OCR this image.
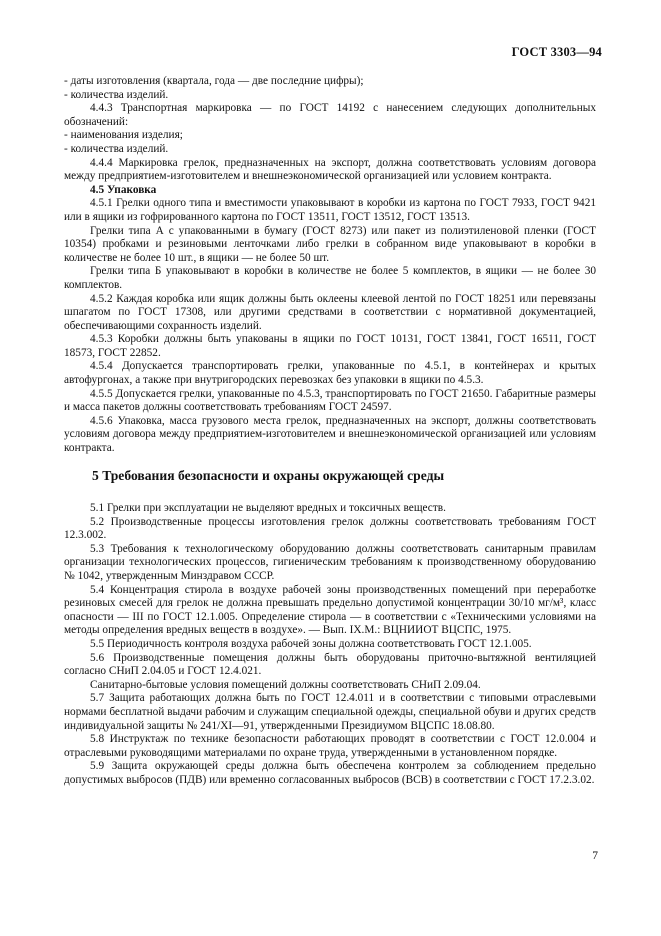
ГОСТ 3303—94

- даты изготовления (квартала, года — две последние цифры);

- количества изделий.

4.4.3 Транспортная маркировка — по ГОСТ 14192 с нанесением следующих дополнительных обозначений:

- наименования изделия;

- количества изделий.

4.4.4 Маркировка грелок, предназначенных на экспорт, должна соответствовать условиям договора между предприятием-изготовителем и внешнеэкономической организацией или условием контракта.

4.5 Упаковка

4.5.1 Грелки одного типа и вместимости упаковывают в коробки из картона по ГОСТ 7933, ГОСТ 9421 или в ящики из гофрированного картона по ГОСТ 13511, ГОСТ 13512, ГОСТ 13513.

Грелки типа А с упакованными в бумагу (ГОСТ 8273) или пакет из полиэтиленовой пленки (ГОСТ 10354) пробками и резиновыми ленточками либо грелки в собранном виде упаковывают в коробки в количестве не более 10 шт., в ящики — не более 50 шт.

Грелки типа Б упаковывают в коробки в количестве не более 5 комплектов, в ящики — не более 30 комплектов.

4.5.2 Каждая коробка или ящик должны быть оклеены клеевой лентой по ГОСТ 18251 или перевязаны шпагатом по ГОСТ 17308, или другими средствами в соответствии с нормативной документацией, обеспечивающими сохранность изделий.

4.5.3 Коробки должны быть упакованы в ящики по ГОСТ 10131, ГОСТ 13841, ГОСТ 16511, ГОСТ 18573, ГОСТ 22852.

4.5.4 Допускается транспортировать грелки, упакованные по 4.5.1, в контейнерах и крытых автофургонах, а также при внутригородских перевозках без упаковки в ящики по 4.5.3.

4.5.5 Допускается грелки, упакованные по 4.5.3, транспортировать по ГОСТ 21650. Габаритные размеры и масса пакетов должны соответствовать требованиям ГОСТ 24597.

4.5.6 Упаковка, масса грузового места грелок, предназначенных на экспорт, должны соответствовать условиям договора между предприятием-изготовителем и внешнеэкономической организацией или условиям контракта.

5 Требования безопасности и охраны окружающей среды

5.1 Грелки при эксплуатации не выделяют вредных и токсичных веществ.

5.2 Производственные процессы изготовления грелок должны соответствовать требованиям ГОСТ 12.3.002.

5.3 Требования к технологическому оборудованию должны соответствовать санитарным правилам организации технологических процессов, гигиеническим требованиям к производственному оборудованию № 1042, утвержденным Минздравом СССР.

5.4 Концентрация стирола в воздухе рабочей зоны производственных помещений при переработке резиновых смесей для грелок не должна превышать предельно допустимой концентрации 30/10 мг/м³, класс опасности — III по ГОСТ 12.1.005. Определение стирола — в соответствии с «Техническими условиями на методы определения вредных веществ в воздухе». — Вып. IX.М.: ВЦНИИОТ ВЦСПС, 1975.

5.5 Периодичность контроля воздуха рабочей зоны должна соответствовать ГОСТ 12.1.005.

5.6 Производственные помещения должны быть оборудованы приточно-вытяжной вентиляцией согласно СНиП 2.04.05 и ГОСТ 12.4.021.

Санитарно-бытовые условия помещений должны соответствовать СНиП 2.09.04.

5.7 Защита работающих должна быть по ГОСТ 12.4.011 и в соответствии с типовыми отраслевыми нормами бесплатной выдачи рабочим и служащим специальной одежды, специальной обуви и других средств индивидуальной защиты № 241/XI—91, утвержденными Президиумом ВЦСПС 18.08.80.

5.8 Инструктаж по технике безопасности работающих проводят в соответствии с ГОСТ 12.0.004 и отраслевыми руководящими материалами по охране труда, утвержденными в установленном порядке.

5.9 Защита окружающей среды должна быть обеспечена контролем за соблюдением предельно допустимых выбросов (ПДВ) или временно согласованных выбросов (ВСВ) в соответствии с ГОСТ 17.2.3.02.

7
